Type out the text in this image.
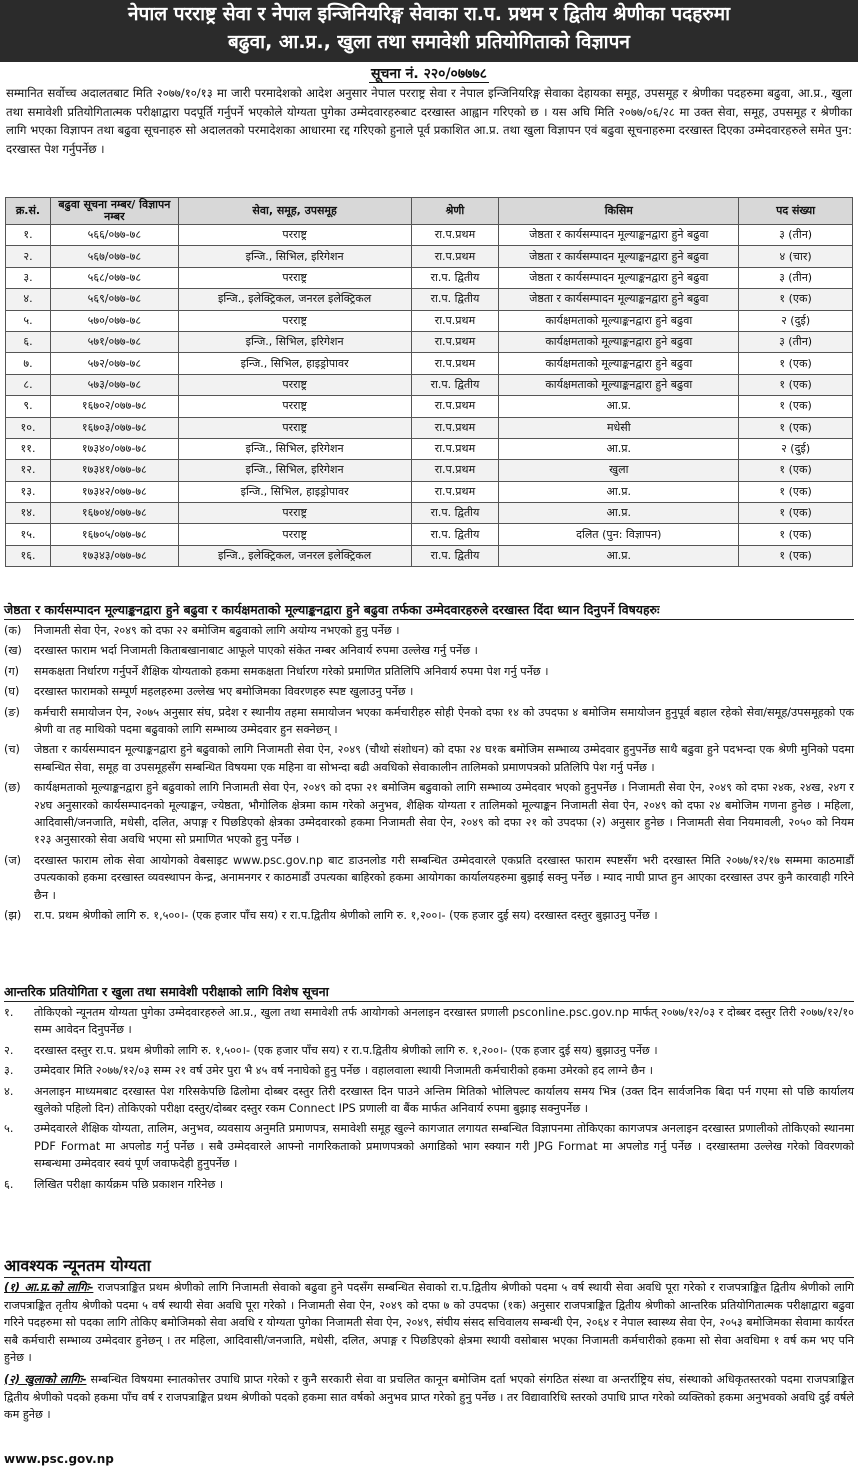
नेपाल परराष्ट्र सेवा र नेपाल इन्जिनियरिङ्ग सेवाका रा.प. प्रथम र द्वितीय श्रेणीका पदहरुमा
बढुवा, आ.प्र., खुला तथा समावेशी प्रतियोगिताको विज्ञापन
सूचना नं. २२०/०७७७८
सम्मानित सर्वोच्च अदालतबाट मिति २०७७/१०/१३ मा जारी परमादेशको आदेश अनुसार नेपाल परराष्ट्र सेवा र नेपाल इन्जिनियरिङ्ग सेवाका देहायका समूह, उपसमूह र श्रेणीका पदहरुमा बढुवा, आ.प्र., खुला तथा समावेशी प्रतियोगितात्मक परीक्षाद्वारा पदपूर्ति गर्नुपर्ने भएकोले योग्यता पुगेका उम्मेदवारहरुबाट दरखास्त आह्वान गरिएको छ । यस अघि मिति २०७७/०६/२८ मा उक्त सेवा, समूह, उपसमूह र श्रेणीका लागि भएका विज्ञापन तथा बढुवा सूचनाहरु सो अदालतको परमादेशका आधारमा रद्द गरिएको हुनाले पूर्व प्रकाशित आ.प्र. तथा खुला विज्ञापन एवं बढुवा सूचनाहरुमा दरखास्त दिएका उम्मेदवारहरुले समेत पुन: दरखास्त पेश गर्नुपर्नेछ ।
क्र.सं.	बढुवा सूचना नम्बर/ विज्ञापन नम्बर	सेवा, समूह, उपसमूह	श्रेणी	किसिम	पद संख्या
१.	५६६/०७७-७८	परराष्ट्र	रा.प.प्रथम	जेष्ठता र कार्यसम्पादन मूल्याङ्कनद्वारा हुने बढुवा	३ (तीन)
२.	५६७/०७७-७८	इन्जि., सिभिल, इरिगेशन	रा.प.प्रथम	जेष्ठता र कार्यसम्पादन मूल्याङ्कनद्वारा हुने बढुवा	४ (चार)
३.	५६८/०७७-७८	परराष्ट्र	रा.प. द्वितीय	जेष्ठता र कार्यसम्पादन मूल्याङ्कनद्वारा हुने बढुवा	३ (तीन)
४.	५६९/०७७-७८	इन्जि., इलेक्ट्रिकल, जनरल इलेक्ट्रिकल	रा.प. द्वितीय	जेष्ठता र कार्यसम्पादन मूल्याङ्कनद्वारा हुने बढुवा	१ (एक)
५.	५७०/०७७-७८	परराष्ट्र	रा.प.प्रथम	कार्यक्षमताको मूल्याङ्कनद्वारा हुने बढुवा	२ (दुई)
६.	५७१/०७७-७८	इन्जि., सिभिल, इरिगेशन	रा.प.प्रथम	कार्यक्षमताको मूल्याङ्कनद्वारा हुने बढुवा	३ (तीन)
७.	५७२/०७७-७८	इन्जि., सिभिल, हाइड्रोपावर	रा.प.प्रथम	कार्यक्षमताको मूल्याङ्कनद्वारा हुने बढुवा	१ (एक)
८.	५७३/०७७-७८	परराष्ट्र	रा.प. द्वितीय	कार्यक्षमताको मूल्याङ्कनद्वारा हुने बढुवा	१ (एक)
९.	१६७०२/०७७-७८	परराष्ट्र	रा.प.प्रथम	आ.प्र.	१ (एक)
१०.	१६७०३/०७७-७८	परराष्ट्र	रा.प.प्रथम	मधेसी	१ (एक)
११.	१७३४०/०७७-७८	इन्जि., सिभिल, इरिगेशन	रा.प.प्रथम	आ.प्र.	२ (दुई)
१२.	१७३४१/०७७-७८	इन्जि., सिभिल, इरिगेशन	रा.प.प्रथम	खुला	१ (एक)
१३.	१७३४२/०७७-७८	इन्जि., सिभिल, हाइड्रोपावर	रा.प.प्रथम	आ.प्र.	१ (एक)
१४.	१६७०४/०७७-७८	परराष्ट्र	रा.प. द्वितीय	आ.प्र.	१ (एक)
१५.	१६७०५/०७७-७८	परराष्ट्र	रा.प. द्वितीय	दलित (पुन: विज्ञापन)	१ (एक)
१६.	१७३४३/०७७-७८	इन्जि., इलेक्ट्रिकल, जनरल इलेक्ट्रिकल	रा.प. द्वितीय	आ.प्र.	१ (एक)
जेष्ठता र कार्यसम्पादन मूल्याङ्कनद्वारा हुने बढुवा र कार्यक्षमताको मूल्याङ्कनद्वारा हुने बढुवा तर्फका उम्मेदवारहरुले दरखास्त दिंदा ध्यान दिनुपर्ने विषयहरुः
(क)	निजामती सेवा ऐन, २०४९ को दफा २२ बमोजिम बढुवाको लागि अयोग्य नभएको हुनु पर्नेछ ।
(ख)	दरखास्त फाराम भर्दा निजामती किताबखानाबाट आफूले पाएको संकेत नम्बर अनिवार्य रुपमा उल्लेख गर्नु पर्नेछ ।
(ग)	समकक्षता निर्धारण गर्नुपर्ने शैक्षिक योग्यताको हकमा समकक्षता निर्धारण गरेको प्रमाणित प्रतिलिपि अनिवार्य रुपमा पेश गर्नु पर्नेछ ।
(घ)	दरखास्त फारामको सम्पूर्ण महलहरुमा उल्लेख भए बमोजिमका विवरणहरु स्पष्ट खुलाउनु पर्नेछ ।
(ङ)	कर्मचारी समायोजन ऐन, २०७५ अनुसार संघ, प्रदेश र स्थानीय तहमा समायोजन भएका कर्मचारीहरु सोही ऐनको दफा १४ को उपदफा ४ बमोजिम समायोजन हुनुपूर्व बहाल रहेको सेवा/समूह/उपसमूहको एक श्रेणी वा तह माथिको पदमा बढुवाको लागि सम्भाव्य उम्मेदवार हुन सक्नेछन् ।
(च)	जेष्ठता र कार्यसम्पादन मूल्याङ्कनद्वारा हुने बढुवाको लागि निजामती सेवा ऐन, २०४९ (चौथो संशोधन) को दफा २४ घ१क बमोजिम सम्भाव्य उम्मेदवार हुनुपर्नेछ साथै बढुवा हुने पदभन्दा एक श्रेणी मुनिको पदमा सम्बन्धित सेवा, समूह वा उपसमूहसँग सम्बन्धित विषयमा एक महिना वा सोभन्दा बढी अवधिको सेवाकालीन तालिमको प्रमाणपत्रको प्रतिलिपि पेश गर्नु पर्नेछ ।
(छ)	कार्यक्षमताको मूल्याङ्कनद्वारा हुने बढुवाको लागि निजामती सेवा ऐन, २०४९ को दफा २१ बमोजिम बढुवाको लागि सम्भाव्य उम्मेदवार भएको हुनुपर्नेछ । निजामती सेवा ऐन, २०४९ को दफा २४क, २४ख, २४ग र २४घ अनुसारको कार्यसम्पादनको मूल्याङ्कन, ज्येष्ठता, भौगोलिक क्षेत्रमा काम गरेको अनुभव, शैक्षिक योग्यता र तालिमको मूल्याङ्कन निजामती सेवा ऐन, २०४९ को दफा २४ बमोजिम गणना हुनेछ । महिला, आदिवासी/जनजाति, मधेसी, दलित, अपाङ्ग र पिछडिएको क्षेत्रका उम्मेदवारको हकमा निजामती सेवा ऐन, २०४९ को दफा २१ को उपदफा (२) अनुसार हुनेछ । निजामती सेवा नियमावली, २०५० को नियम १२३ अनुसारको सेवा अवधि भएमा सो प्रमाणित भएको हुनु पर्नेछ ।
(ज)	दरखास्त फाराम लोक सेवा आयोगको वेबसाइट www.psc.gov.np बाट डाउनलोड गरी सम्बन्धित उम्मेदवारले एकप्रति दरखास्त फाराम स्पष्टसँग भरी दरखास्त मिति २०७७/१२/१७ सम्ममा काठमाडौं उपत्यकाको हकमा दरखास्त व्यवस्थापन केन्द्र, अनामनगर र काठमाडौं उपत्यका बाहिरको हकमा आयोगका कार्यालयहरुमा बुझाई सक्नु पर्नेछ । म्याद नाघी प्राप्त हुन आएका दरखास्त उपर कुनै कारवाही गरिने छैन ।
(झ)	रा.प. प्रथम श्रेणीको लागि रु. १,५००।- (एक हजार पाँच सय) र रा.प.द्वितीय श्रेणीको लागि रु. १,२००।- (एक हजार दुई सय) दरखास्त दस्तुर बुझाउनु पर्नेछ ।
आन्तरिक प्रतियोगिता र खुला तथा समावेशी परीक्षाको लागि विशेष सूचना
१.	तोकिएको न्यूनतम योग्यता पुगेका उम्मेदवारहरुले आ.प्र., खुला तथा समावेशी तर्फ आयोगको अनलाइन दरखास्त प्रणाली psconline.psc.gov.np मार्फत् २०७७/१२/०३ र दोब्बर दस्तुर तिरी २०७७/१२/१० सम्म आवेदन दिनुपर्नेछ ।
२.	दरखास्त दस्तुर रा.प. प्रथम श्रेणीको लागि रु. १,५००।- (एक हजार पाँच सय) र रा.प.द्वितीय श्रेणीको लागि रु. १,२००।- (एक हजार दुई सय) बुझाउनु पर्नेछ ।
३.	उम्मेदवार मिति २०७७/१२/०३ सम्म २१ वर्ष उमेर पुरा भै ४५ वर्ष ननाघेको हुनु पर्नेछ । वहालवाला स्थायी निजामती कर्मचारीको हकमा उमेरको हद लाग्ने छैन ।
४.	अनलाइन माध्यमबाट दरखास्त पेश गरिसकेपछि ढिलोमा दोब्बर दस्तुर तिरी दरखास्त दिन पाउने अन्तिम मितिको भोलिपल्ट कार्यालय समय भित्र (उक्त दिन सार्वजनिक बिदा पर्न गएमा सो पछि कार्यालय खुलेको पहिलो दिन) तोकिएको परीक्षा दस्तुर/दोब्बर दस्तुर रकम Connect IPS प्रणाली वा बैंक मार्फत अनिवार्य रुपमा बुझाइ सक्नुपर्नेछ ।
५.	उम्मेदवारले शैक्षिक योग्यता, तालिम, अनुभव, व्यवसाय अनुमति प्रमाणपत्र, समावेशी समूह खुल्ने कागजात लगायत सम्बन्धित विज्ञापनमा तोकिएका कागजपत्र अनलाइन दरखास्त प्रणालीको तोकिएको स्थानमा PDF Format मा अपलोड गर्नु पर्नेछ । सबै उम्मेदवारले आफ्नो नागरिकताको प्रमाणपत्रको अगाडिको भाग स्क्यान गरी JPG Format मा अपलोड गर्नु पर्नेछ । दरखास्तमा उल्लेख गरेको विवरणको सम्बन्धमा उम्मेदवार स्वयं पूर्ण जवाफदेही हुनुपर्नेछ ।
६.	लिखित परीक्षा कार्यक्रम पछि प्रकाशन गरिनेछ ।
आवश्यक न्यूनतम योग्यता

(१) आ.प्र.को लागिः- राजपत्राङ्कित प्रथम श्रेणीको लागि निजामती सेवाको बढुवा हुने पदसँग सम्बन्धित सेवाको रा.प.द्वितीय श्रेणीको पदमा ५ वर्ष स्थायी सेवा अवधि पूरा गरेको र राजपत्राङ्कित द्वितीय श्रेणीको लागि राजपत्राङ्कित तृतीय श्रेणीको पदमा ५ वर्ष स्थायी सेवा अवधि पूरा गरेको । निजामती सेवा ऐन, २०४९ को दफा ७ को उपदफा (१क) अनुसार राजपत्राङ्कित द्वितीय श्रेणीको आन्तरिक प्रतियोगितात्मक परीक्षाद्वारा बढुवा गरिने पदहरुमा सो पदका लागि तोकिए बमोजिमको सेवा अवधि र योग्यता पुगेका निजामती सेवा ऐन, २०४९, संघीय संसद सचिवालय सम्बन्धी ऐन, २०६४ र नेपाल स्वास्थ्य सेवा ऐन, २०५३ बमोजिमका सेवामा कार्यरत सबै कर्मचारी सम्भाव्य उम्मेदवार हुनेछन् । तर महिला, आदिवासी/जनजाति, मधेसी, दलित, अपाङ्ग र पिछडिएको क्षेत्रमा स्थायी वसोबास भएका निजामती कर्मचारीको हकमा सो सेवा अवधिमा १ वर्ष कम भए पनि हुनेछ ।

(२) खुलाको लागिः- सम्बन्धित विषयमा स्नातकोत्तर उपाधि प्राप्त गरेको र कुनै सरकारी सेवा वा प्रचलित कानून बमोजिम दर्ता भएको संगठित संस्था वा अन्तर्राष्ट्रिय संघ, संस्थाको अधिकृतस्तरको पदमा राजपत्राङ्कित द्वितीय श्रेणीको पदको हकमा पाँच वर्ष र राजपत्राङ्कित प्रथम श्रेणीको पदको हकमा सात वर्षको अनुभव प्राप्त गरेको हुनु पर्नेछ । तर विद्यावारिधि स्तरको उपाधि प्राप्त गरेको व्यक्तिको हकमा अनुभवको अवधि दुई वर्षले कम हुनेछ ।

www.psc.gov.np
